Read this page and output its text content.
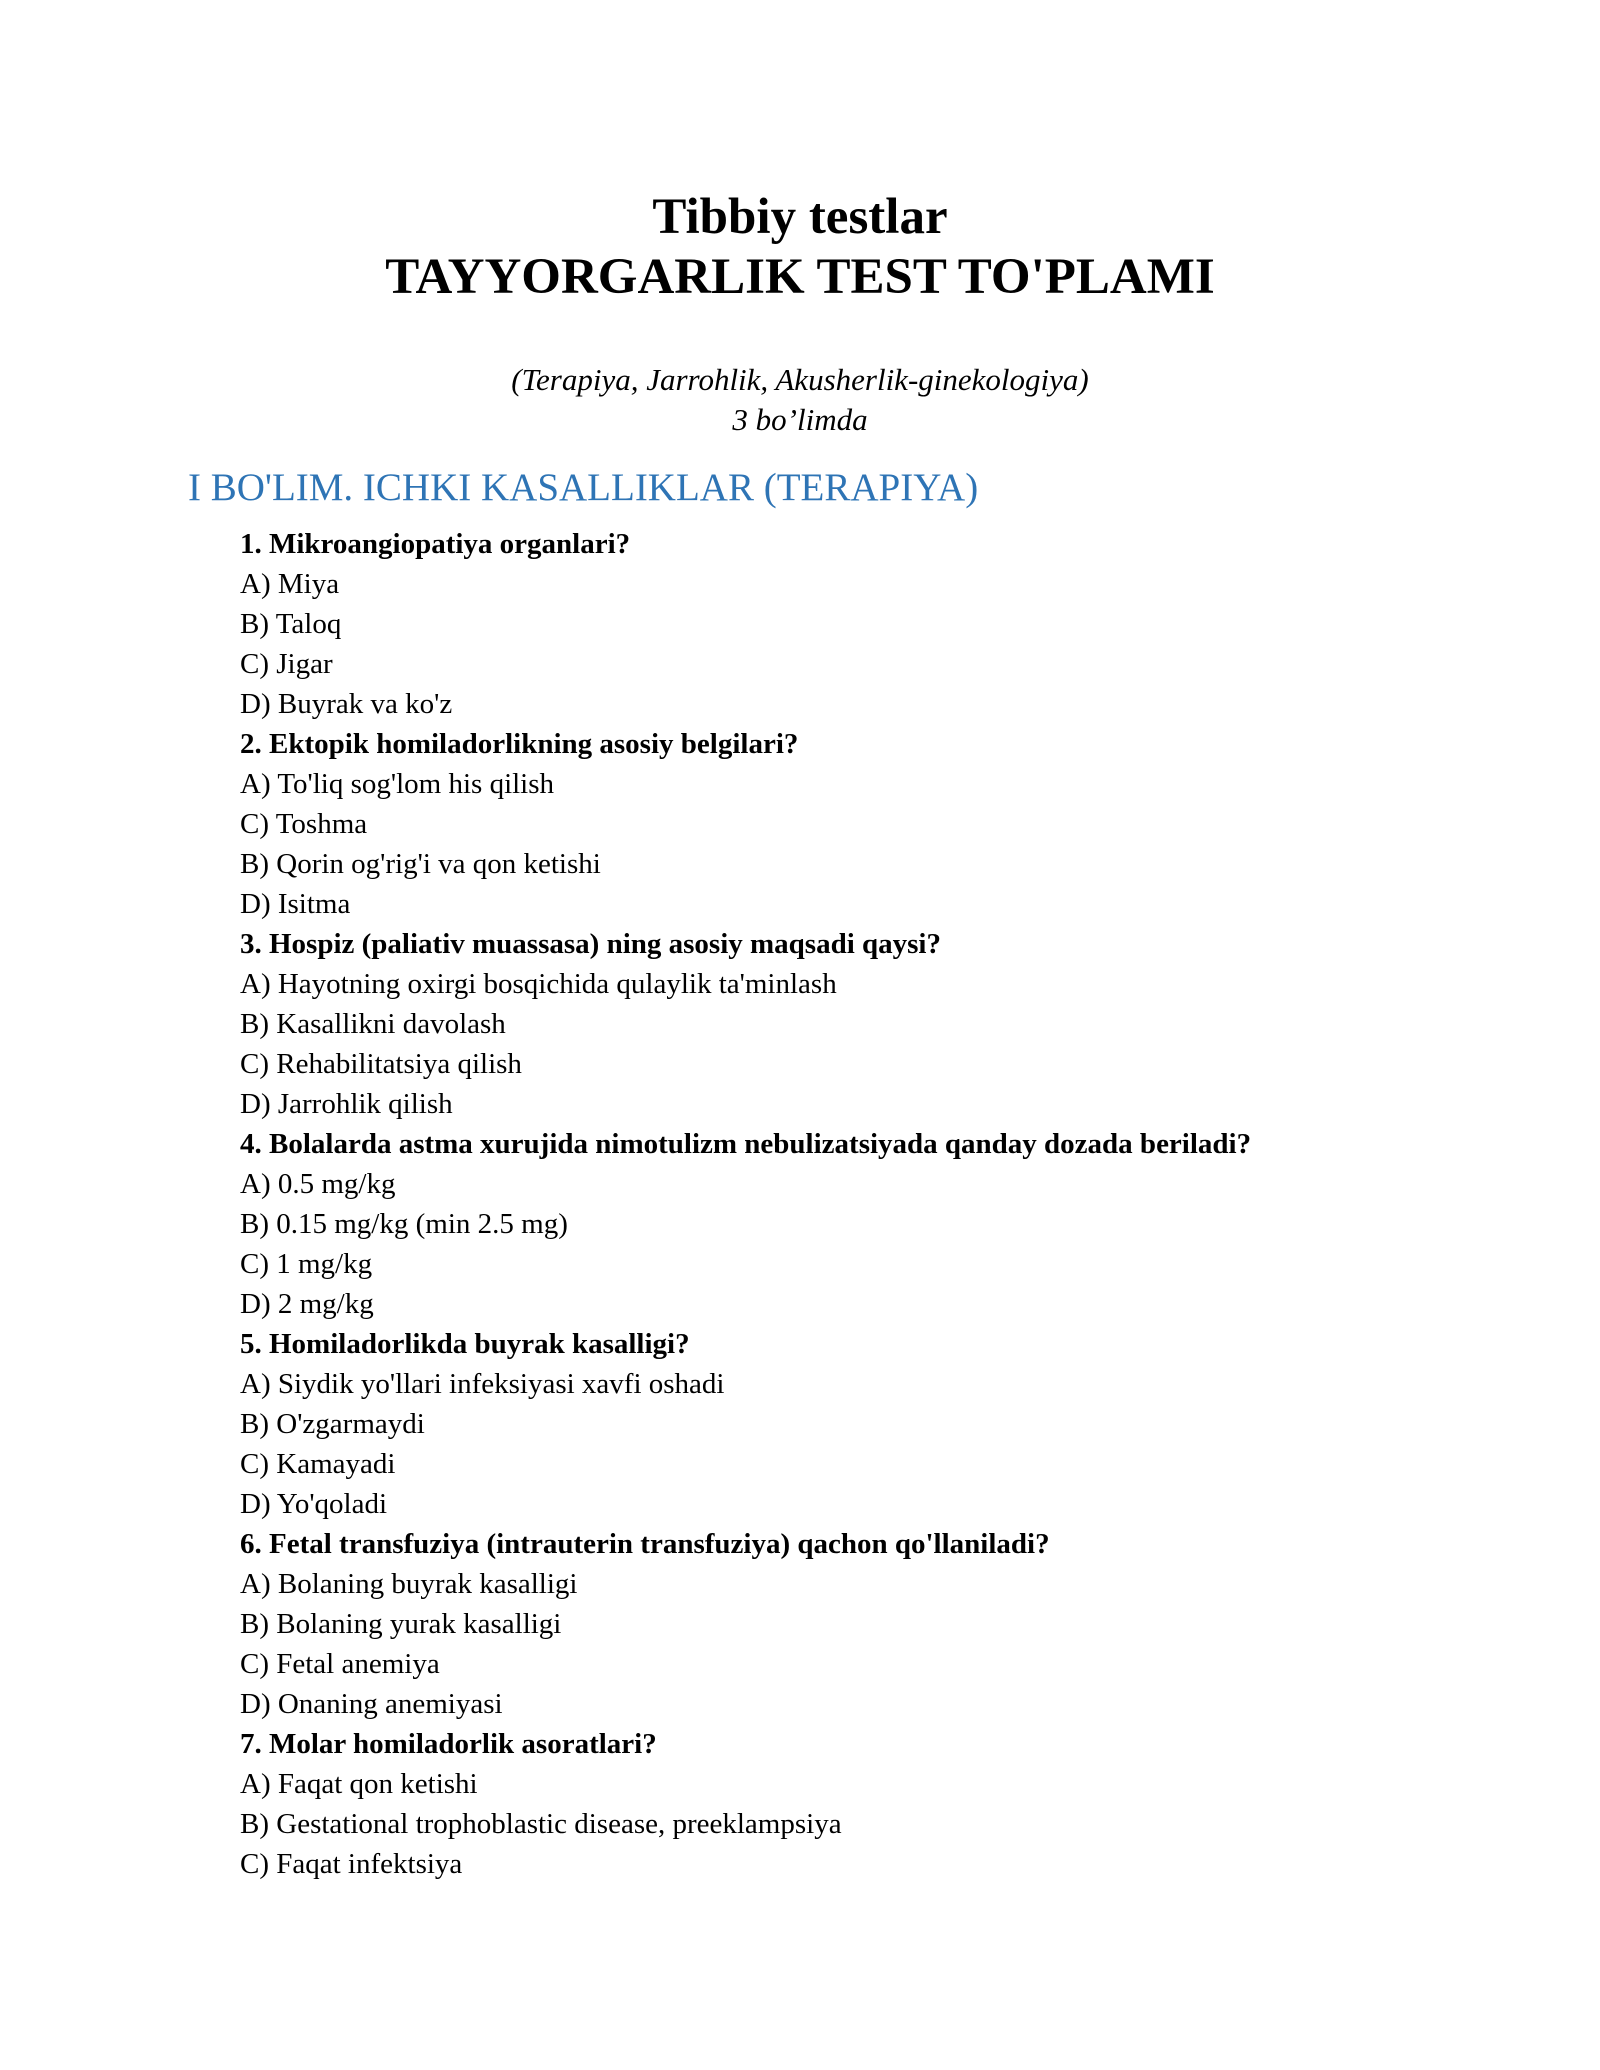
Tibbiy testlar

TAYYORGARLIK TEST TO'PLAMI

(Terapiya, Jarrohlik, Akusherlik-ginekologiya)

3 bo’limda

I BO'LIM. ICHKI KASALLIKLAR (TERAPIYA)
1. Mikroangiopatiya organlari?
A) Miya
B) Taloq
C) Jigar
D) Buyrak va ko'z
2. Ektopik homiladorlikning asosiy belgilari?
A) To'liq sog'lom his qilish
C) Toshma
B) Qorin og'rig'i va qon ketishi
D) Isitma
3. Hospiz (paliativ muassasa) ning asosiy maqsadi qaysi?
A) Hayotning oxirgi bosqichida qulaylik ta'minlash
B) Kasallikni davolash
C) Rehabilitatsiya qilish
D) Jarrohlik qilish
4. Bolalarda astma xurujida nimotulizm nebulizatsiyada qanday dozada beriladi?
A) 0.5 mg/kg
B) 0.15 mg/kg (min 2.5 mg)
C) 1 mg/kg
D) 2 mg/kg
5. Homiladorlikda buyrak kasalligi?
A) Siydik yo'llari infeksiyasi xavfi oshadi
B) O'zgarmaydi
C) Kamayadi
D) Yo'qoladi
6. Fetal transfuziya (intrauterin transfuziya) qachon qo'llaniladi?
A) Bolaning buyrak kasalligi
B) Bolaning yurak kasalligi
C) Fetal anemiya
D) Onaning anemiyasi
7. Molar homiladorlik asoratlari?
A) Faqat qon ketishi
B) Gestational trophoblastic disease, preeklampsiya
C) Faqat infektsiya
